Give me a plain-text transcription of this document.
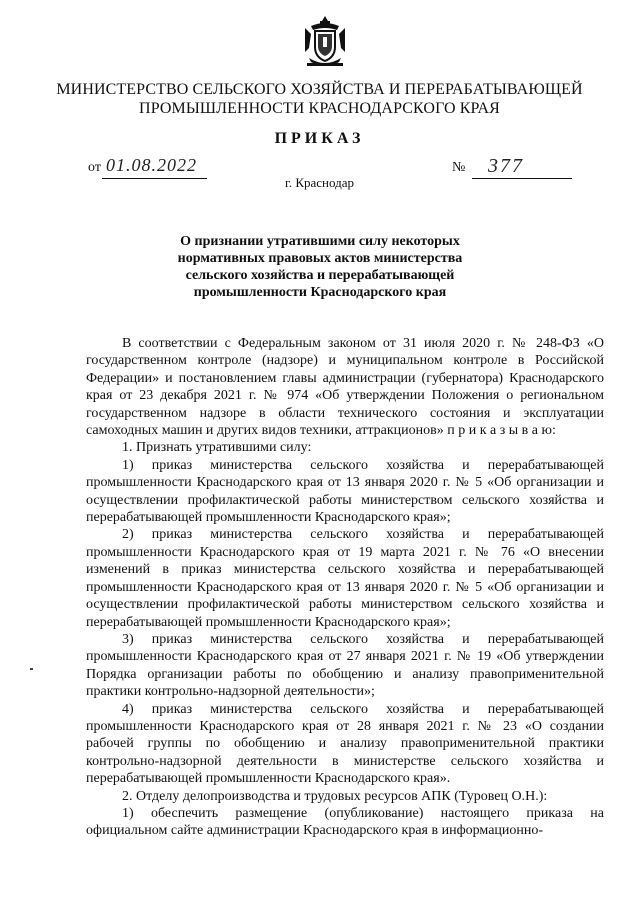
МИНИСТЕРСТВО СЕЛЬСКОГО ХОЗЯЙСТВА И ПЕРЕРАБАТЫВАЮЩЕЙ
ПРОМЫШЛЕННОСТИ КРАСНОДАРСКОГО КРАЯ
ПРИКАЗ
от 01.08.2022	№ 377
г. Краснодар
О признании утратившими силу некоторых
нормативных правовых актов министерства
сельского хозяйства и перерабатывающей
промышленности Краснодарского края

В соответствии с Федеральным законом от 31 июля 2020 г. № 248-ФЗ «О государственном контроле (надзоре) и муниципальном контроле в Российской Федерации» и постановлением главы администрации (губернатора) Краснодарского края от 23 декабря 2021 г. № 974 «Об утверждении Положения о региональном государственном надзоре в области технического состояния и эксплуатации самоходных машин и других видов техники, аттракционов» п р и к а з ы в а ю:

1. Признать утратившими силу:

1) приказ министерства сельского хозяйства и перерабатывающей промышленности Краснодарского края от 13 января 2020 г. № 5 «Об организации и осуществлении профилактической работы министерством сельского хозяйства и перерабатывающей промышленности Краснодарского края»;

2) приказ министерства сельского хозяйства и перерабатывающей промышленности Краснодарского края от 19 марта 2021 г. № 76 «О внесении изменений в приказ министерства сельского хозяйства и перерабатывающей промышленности Краснодарского края от 13 января 2020 г. № 5 «Об организации и осуществлении профилактической работы министерством сельского хозяйства и перерабатывающей промышленности Краснодарского края»;

3) приказ министерства сельского хозяйства и перерабатывающей промышленности Краснодарского края от 27 января 2021 г. № 19 «Об утверждении Порядка организации работы по обобщению и анализу правоприменительной практики контрольно-надзорной деятельности»;

4) приказ министерства сельского хозяйства и перерабатывающей промышленности Краснодарского края от 28 января 2021 г. № 23 «О создании рабочей группы по обобщению и анализу правоприменительной практики контрольно-надзорной деятельности в министерстве сельского хозяйства и перерабатывающей промышленности Краснодарского края».

2. Отделу делопроизводства и трудовых ресурсов АПК (Туровец О.Н.):

1) обеспечить размещение (опубликование) настоящего приказа на официальном сайте администрации Краснодарского края в информационно-
